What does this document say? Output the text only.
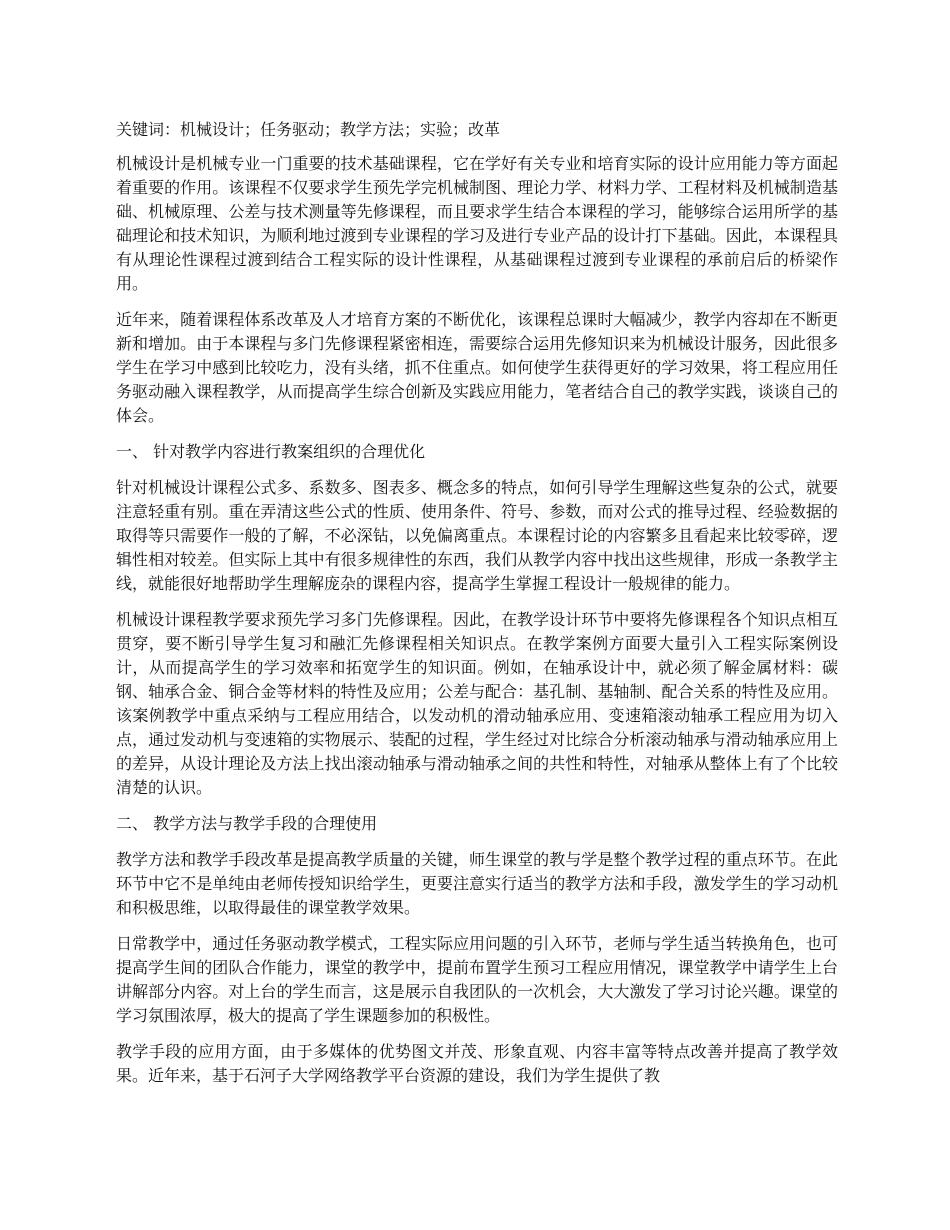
关键词：机械设计；任务驱动；教学方法；实验；改革

机械设计是机械专业一门重要的技术基础课程，它在学好有关专业和培育实际的设计应用能力等方面起着重要的作用。该课程不仅要求学生预先学完机械制图、理论力学、材料力学、工程材料及机械制造基础、机械原理、公差与技术测量等先修课程，而且要求学生结合本课程的学习，能够综合运用所学的基础理论和技术知识，为顺利地过渡到专业课程的学习及进行专业产品的设计打下基础。因此，本课程具有从理论性课程过渡到结合工程实际的设计性课程，从基础课程过渡到专业课程的承前启后的桥梁作用。

近年来，随着课程体系改革及人才培育方案的不断优化，该课程总课时大幅减少，教学内容却在不断更新和增加。由于本课程与多门先修课程紧密相连，需要综合运用先修知识来为机械设计服务，因此很多学生在学习中感到比较吃力，没有头绪，抓不住重点。如何使学生获得更好的学习效果，将工程应用任务驱动融入课程教学，从而提高学生综合创新及实践应用能力，笔者结合自己的教学实践，谈谈自己的体会。

一、 针对教学内容进行教案组织的合理优化

针对机械设计课程公式多、系数多、图表多、概念多的特点，如何引导学生理解这些复杂的公式，就要注意轻重有别。重在弄清这些公式的性质、使用条件、符号、参数，而对公式的推导过程、经验数据的取得等只需要作一般的了解，不必深钻，以免偏离重点。本课程讨论的内容繁多且看起来比较零碎，逻辑性相对较差。但实际上其中有很多规律性的东西，我们从教学内容中找出这些规律，形成一条教学主线，就能很好地帮助学生理解庞杂的课程内容，提高学生掌握工程设计一般规律的能力。

机械设计课程教学要求预先学习多门先修课程。因此，在教学设计环节中要将先修课程各个知识点相互贯穿，要不断引导学生复习和融汇先修课程相关知识点。在教学案例方面要大量引入工程实际案例设计，从而提高学生的学习效率和拓宽学生的知识面。例如，在轴承设计中，就必须了解金属材料：碳钢、轴承合金、铜合金等材料的特性及应用；公差与配合：基孔制、基轴制、配合关系的特性及应用。该案例教学中重点采纳与工程应用结合，以发动机的滑动轴承应用、变速箱滚动轴承工程应用为切入点，通过发动机与变速箱的实物展示、装配的过程，学生经过对比综合分析滚动轴承与滑动轴承应用上的差异，从设计理论及方法上找出滚动轴承与滑动轴承之间的共性和特性，对轴承从整体上有了个比较清楚的认识。

二、 教学方法与教学手段的合理使用

教学方法和教学手段改革是提高教学质量的关键，师生课堂的教与学是整个教学过程的重点环节。在此环节中它不是单纯由老师传授知识给学生，更要注意实行适当的教学方法和手段，激发学生的学习动机和积极思维，以取得最佳的课堂教学效果。

日常教学中，通过任务驱动教学模式，工程实际应用问题的引入环节，老师与学生适当转换角色，也可提高学生间的团队合作能力，课堂的教学中，提前布置学生预习工程应用情况，课堂教学中请学生上台讲解部分内容。对上台的学生而言，这是展示自我团队的一次机会，大大激发了学习讨论兴趣。课堂的学习氛围浓厚，极大的提高了学生课题参加的积极性。

教学手段的应用方面，由于多媒体的优势图文并茂、形象直观、内容丰富等特点改善并提高了教学效果。近年来，基于石河子大学网络教学平台资源的建设，我们为学生提供了教
